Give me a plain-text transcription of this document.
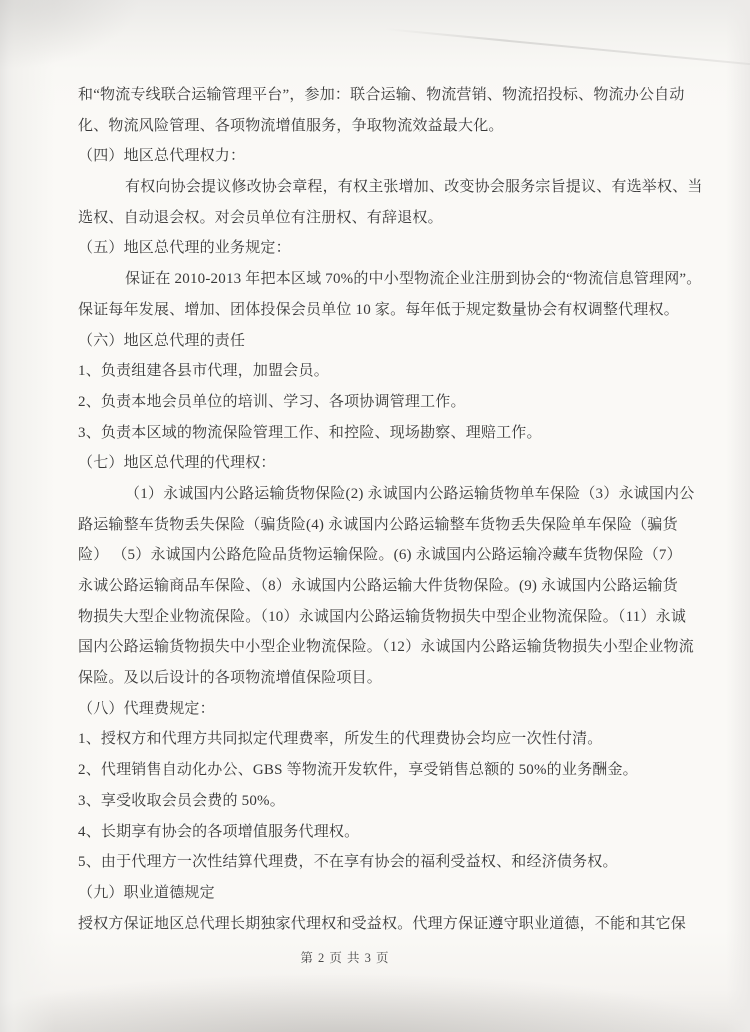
和“物流专线联合运输管理平台”，参加：联合运输、物流营销、物流招投标、物流办公自动
化、物流风险管理、各项物流增值服务，争取物流效益最大化。
（四）地区总代理权力：
有权向协会提议修改协会章程，有权主张增加、改变协会服务宗旨提议、有选举权、当
选权、自动退会权。对会员单位有注册权、有辞退权。
（五）地区总代理的业务规定：
保证在 2010-2013 年把本区域 70%的中小型物流企业注册到协会的“物流信息管理网”。
保证每年发展、增加、团体投保会员单位 10 家。每年低于规定数量协会有权调整代理权。
（六）地区总代理的责任
1、负责组建各县市代理，加盟会员。
2、负责本地会员单位的培训、学习、各项协调管理工作。
3、负责本区域的物流保险管理工作、和控险、现场勘察、理赔工作。
（七）地区总代理的代理权：
（1）永诚国内公路运输货物保险(2) 永诚国内公路运输货物单车保险（3）永诚国内公
路运输整车货物丢失保险（骗货险(4) 永诚国内公路运输整车货物丢失保险单车保险（骗货
险） （5）永诚国内公路危险品货物运输保险。(6) 永诚国内公路运输冷藏车货物保险（7）
永诚公路运输商品车保险、（8）永诚国内公路运输大件货物保险。(9) 永诚国内公路运输货
物损失大型企业物流保险。（10）永诚国内公路运输货物损失中型企业物流保险。（11）永诚
国内公路运输货物损失中小型企业物流保险。（12）永诚国内公路运输货物损失小型企业物流
保险。及以后设计的各项物流增值保险项目。
（八）代理费规定：
1、授权方和代理方共同拟定代理费率，所发生的代理费协会均应一次性付清。
2、代理销售自动化办公、GBS 等物流开发软件，享受销售总额的 50%的业务酬金。
3、享受收取会员会费的 50%。
4、长期享有协会的各项增值服务代理权。
5、由于代理方一次性结算代理费，不在享有协会的福利受益权、和经济债务权。
（九）职业道德规定
授权方保证地区总代理长期独家代理权和受益权。代理方保证遵守职业道德，不能和其它保
第 2 页 共 3 页
